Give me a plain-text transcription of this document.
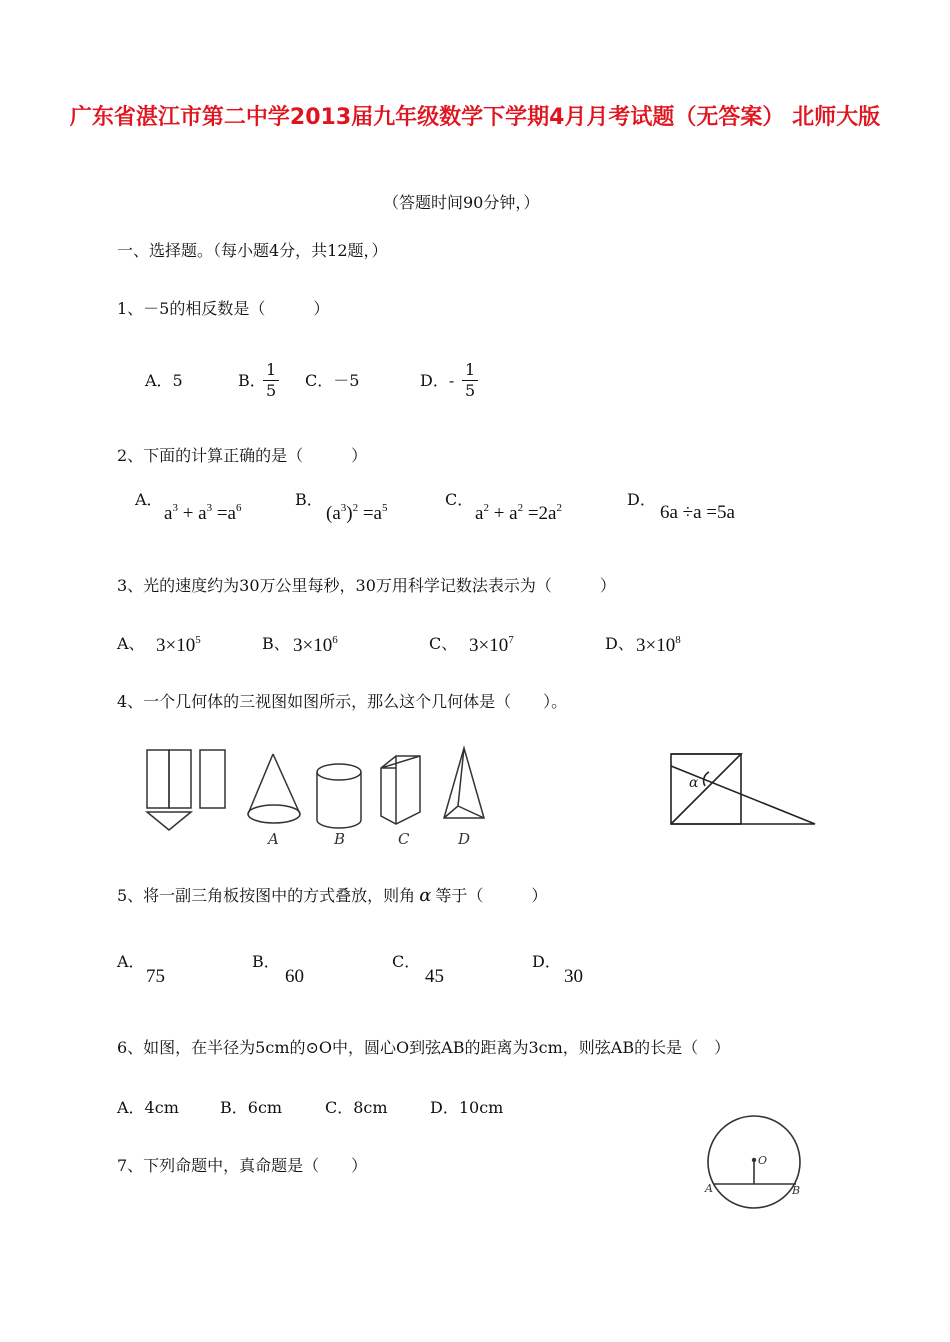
广东省湛江市第二中学2013届九年级数学下学期4月月考试题（无答案） 北师大版
（答题时间90分钟，）
一、选择题。（每小题4分，共12题，）
1、－5的相反数是（　　　）
A．5	B．
$\frac{1}{5}$ C．－5	D．- $\frac{1}{5}$
2、下面的计算正确的是（　　　）
A．
$a^3 + a^3 =a^6$	B．
$(a^3)^2 =a^5$	C．
$a^2 + a^2 =2a^2$	D．
6a ÷a =5a
3、光的速度约为30万公里每秒，30万用科学记数法表示为（　　　）
A、 $3\times 10^5$	B、 $3\times 10^6$	C、 $3\times 10^7$	D、 $3\times 10^8$
4、一个几何体的三视图如图所示，那么这个几何体是（　　）。
A	B	C	D
α
5、将一副三角板按图中的方式叠放，则角 α 等于（　　　）
A．
75
B．
60
C．
45
D．
30
6、如图，在半径为5cm的⊙O中，圆心O到弦AB的距离为3cm，则弦AB的长是（　）
A．4cm	B．6cm	C．8cm	D．10cm
O
A	B
7、下列命题中，真命题是（　　）
